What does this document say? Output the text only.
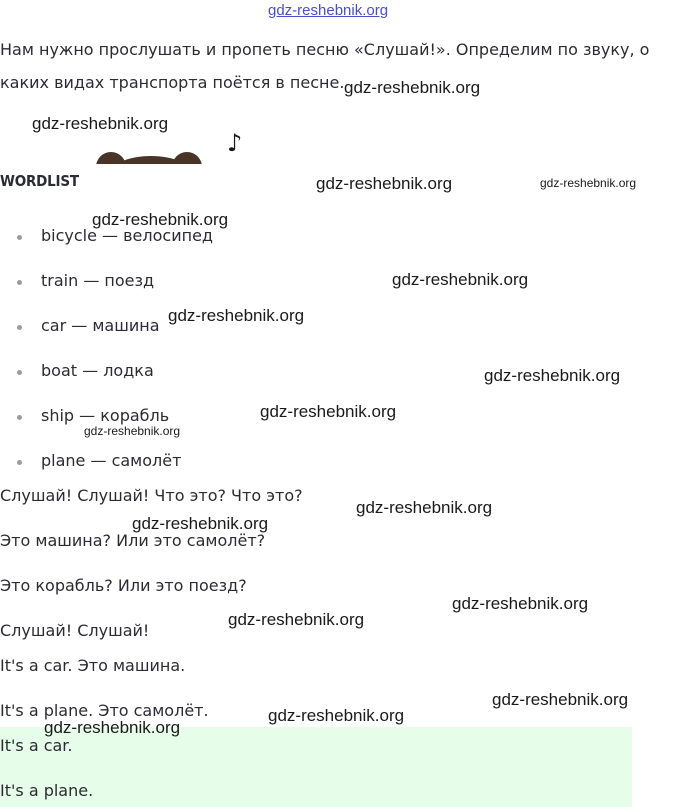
gdz-reshebnik.org
Нам нужно прослушать и пропеть песню «Слушай!». Определим по звуку, о каких видах транспорта поётся в песне.
♪
WORDLIST
bicycle — велосипед
train — поезд
car — машина
boat — лодка
ship — корабль
plane — самолёт
Слушай! Слушай! Что это? Что это?
Это машина? Или это самолёт?
Это корабль? Или это поезд?
Слушай! Слушай!
It's a car. Это машина.
It's a plane. Это самолёт.
It's a car.
It's a plane.
gdz-reshebnik.org
gdz-reshebnik.org
gdz-reshebnik.org	gdz-reshebnik.org
gdz-reshebnik.org
gdz-reshebnik.org
gdz-reshebnik.org
gdz-reshebnik.org
gdz-reshebnik.org
gdz-reshebnik.org
gdz-reshebnik.org
gdz-reshebnik.org
gdz-reshebnik.org
gdz-reshebnik.org
gdz-reshebnik.org
gdz-reshebnik.org
gdz-reshebnik.org
